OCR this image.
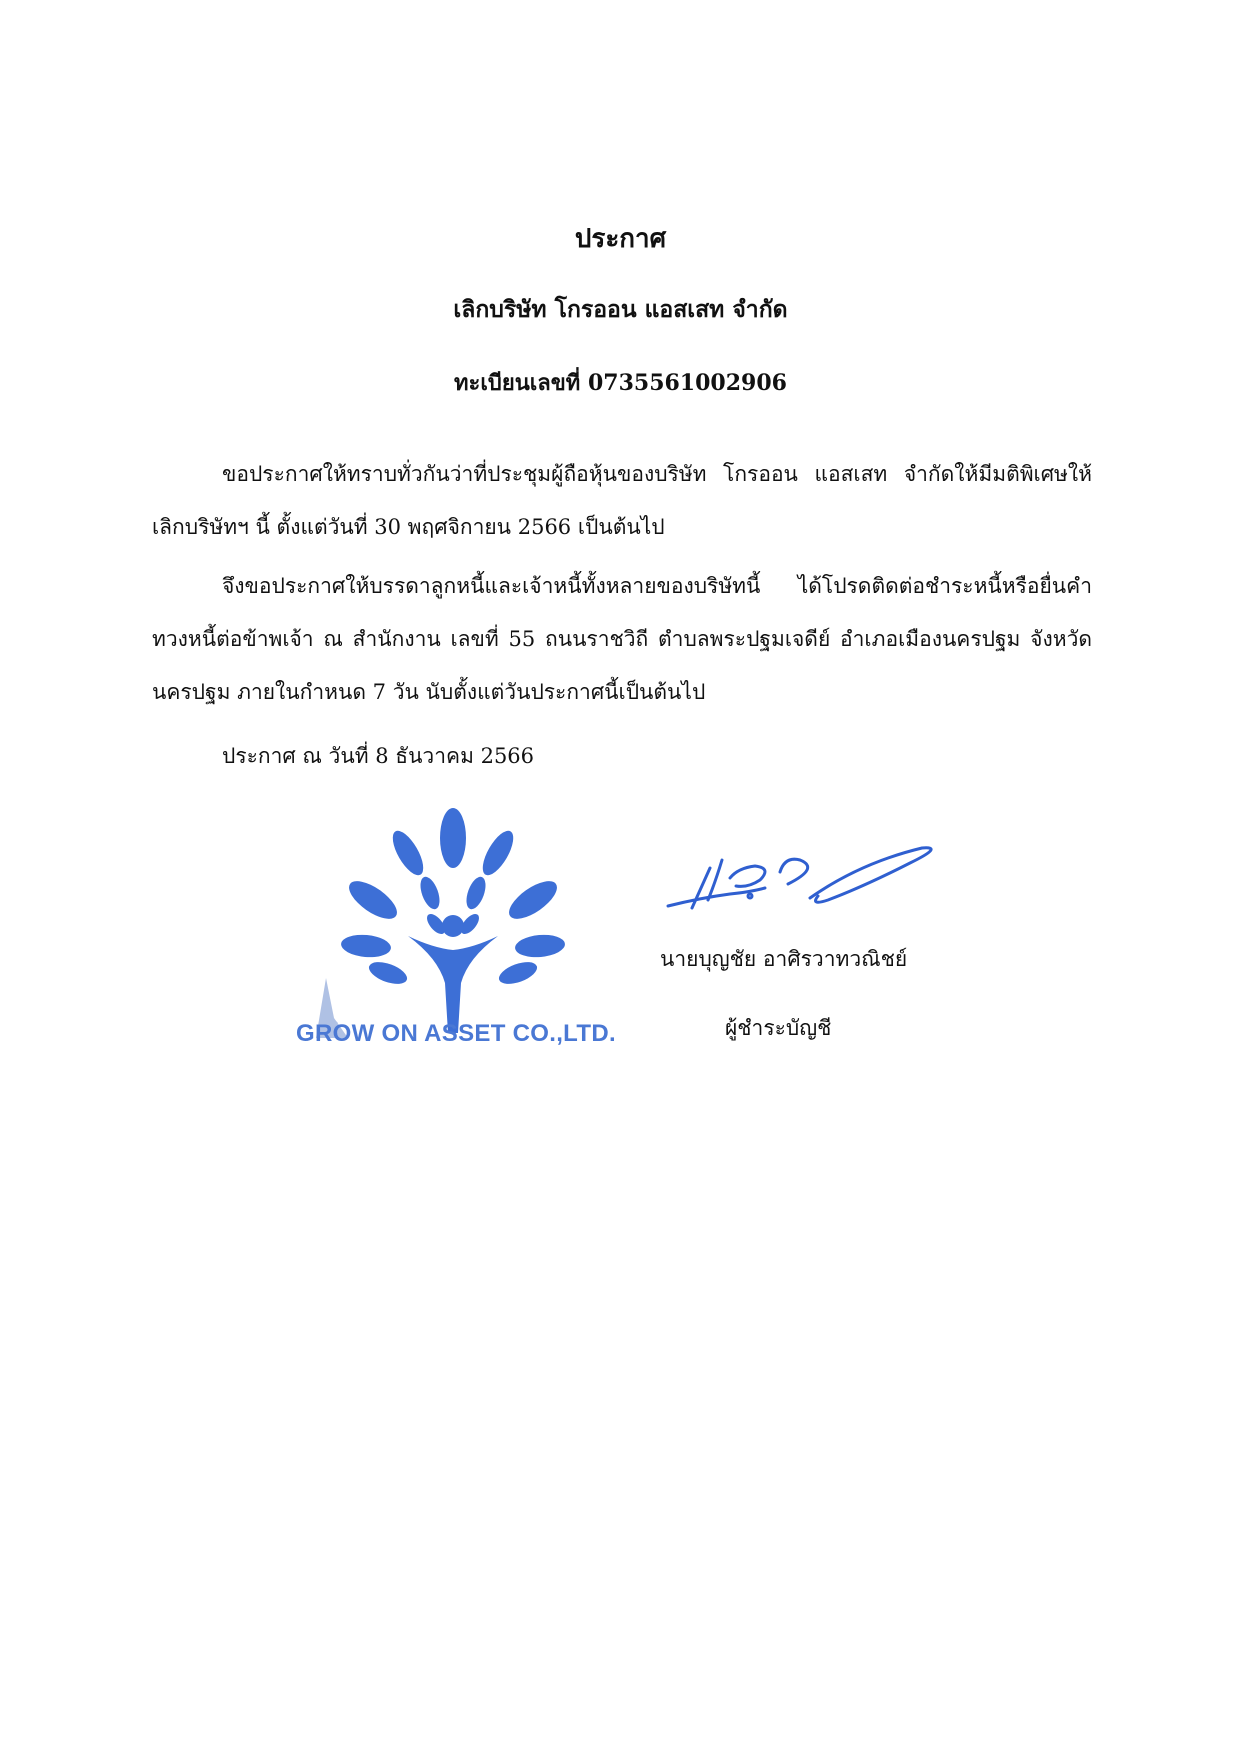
ประกาศ
เลิกบริษัท โกรออน แอสเสท จำกัด
ทะเบียนเลขที่ 0735561002906
ขอประกาศให้ทราบทั่วกันว่าที่ประชุมผู้ถือหุ้นของบริษัท โกรออน แอสเสท จำกัดให้มีมติพิเศษให้เลิกบริษัทฯ นี้ ตั้งแต่วันที่ 30 พฤศจิกายน 2566 เป็นต้นไป
จึงขอประกาศให้บรรดาลูกหนี้และเจ้าหนี้ทั้งหลายของบริษัทนี้ ได้โปรดติดต่อชำระหนี้หรือยื่นคำทวงหนี้ต่อข้าพเจ้า ณ สำนักงาน เลขที่ 55 ถนนราชวิถี ตำบลพระปฐมเจดีย์ อำเภอเมืองนครปฐม จังหวัดนครปฐม ภายในกำหนด 7 วัน นับตั้งแต่วันประกาศนี้เป็นต้นไป
ประกาศ ณ วันที่ 8 ธันวาคม 2566
GROW ON ASSET CO.,LTD.
นายบุญชัย อาศิรวาทวณิชย์
ผู้ชำระบัญชี
